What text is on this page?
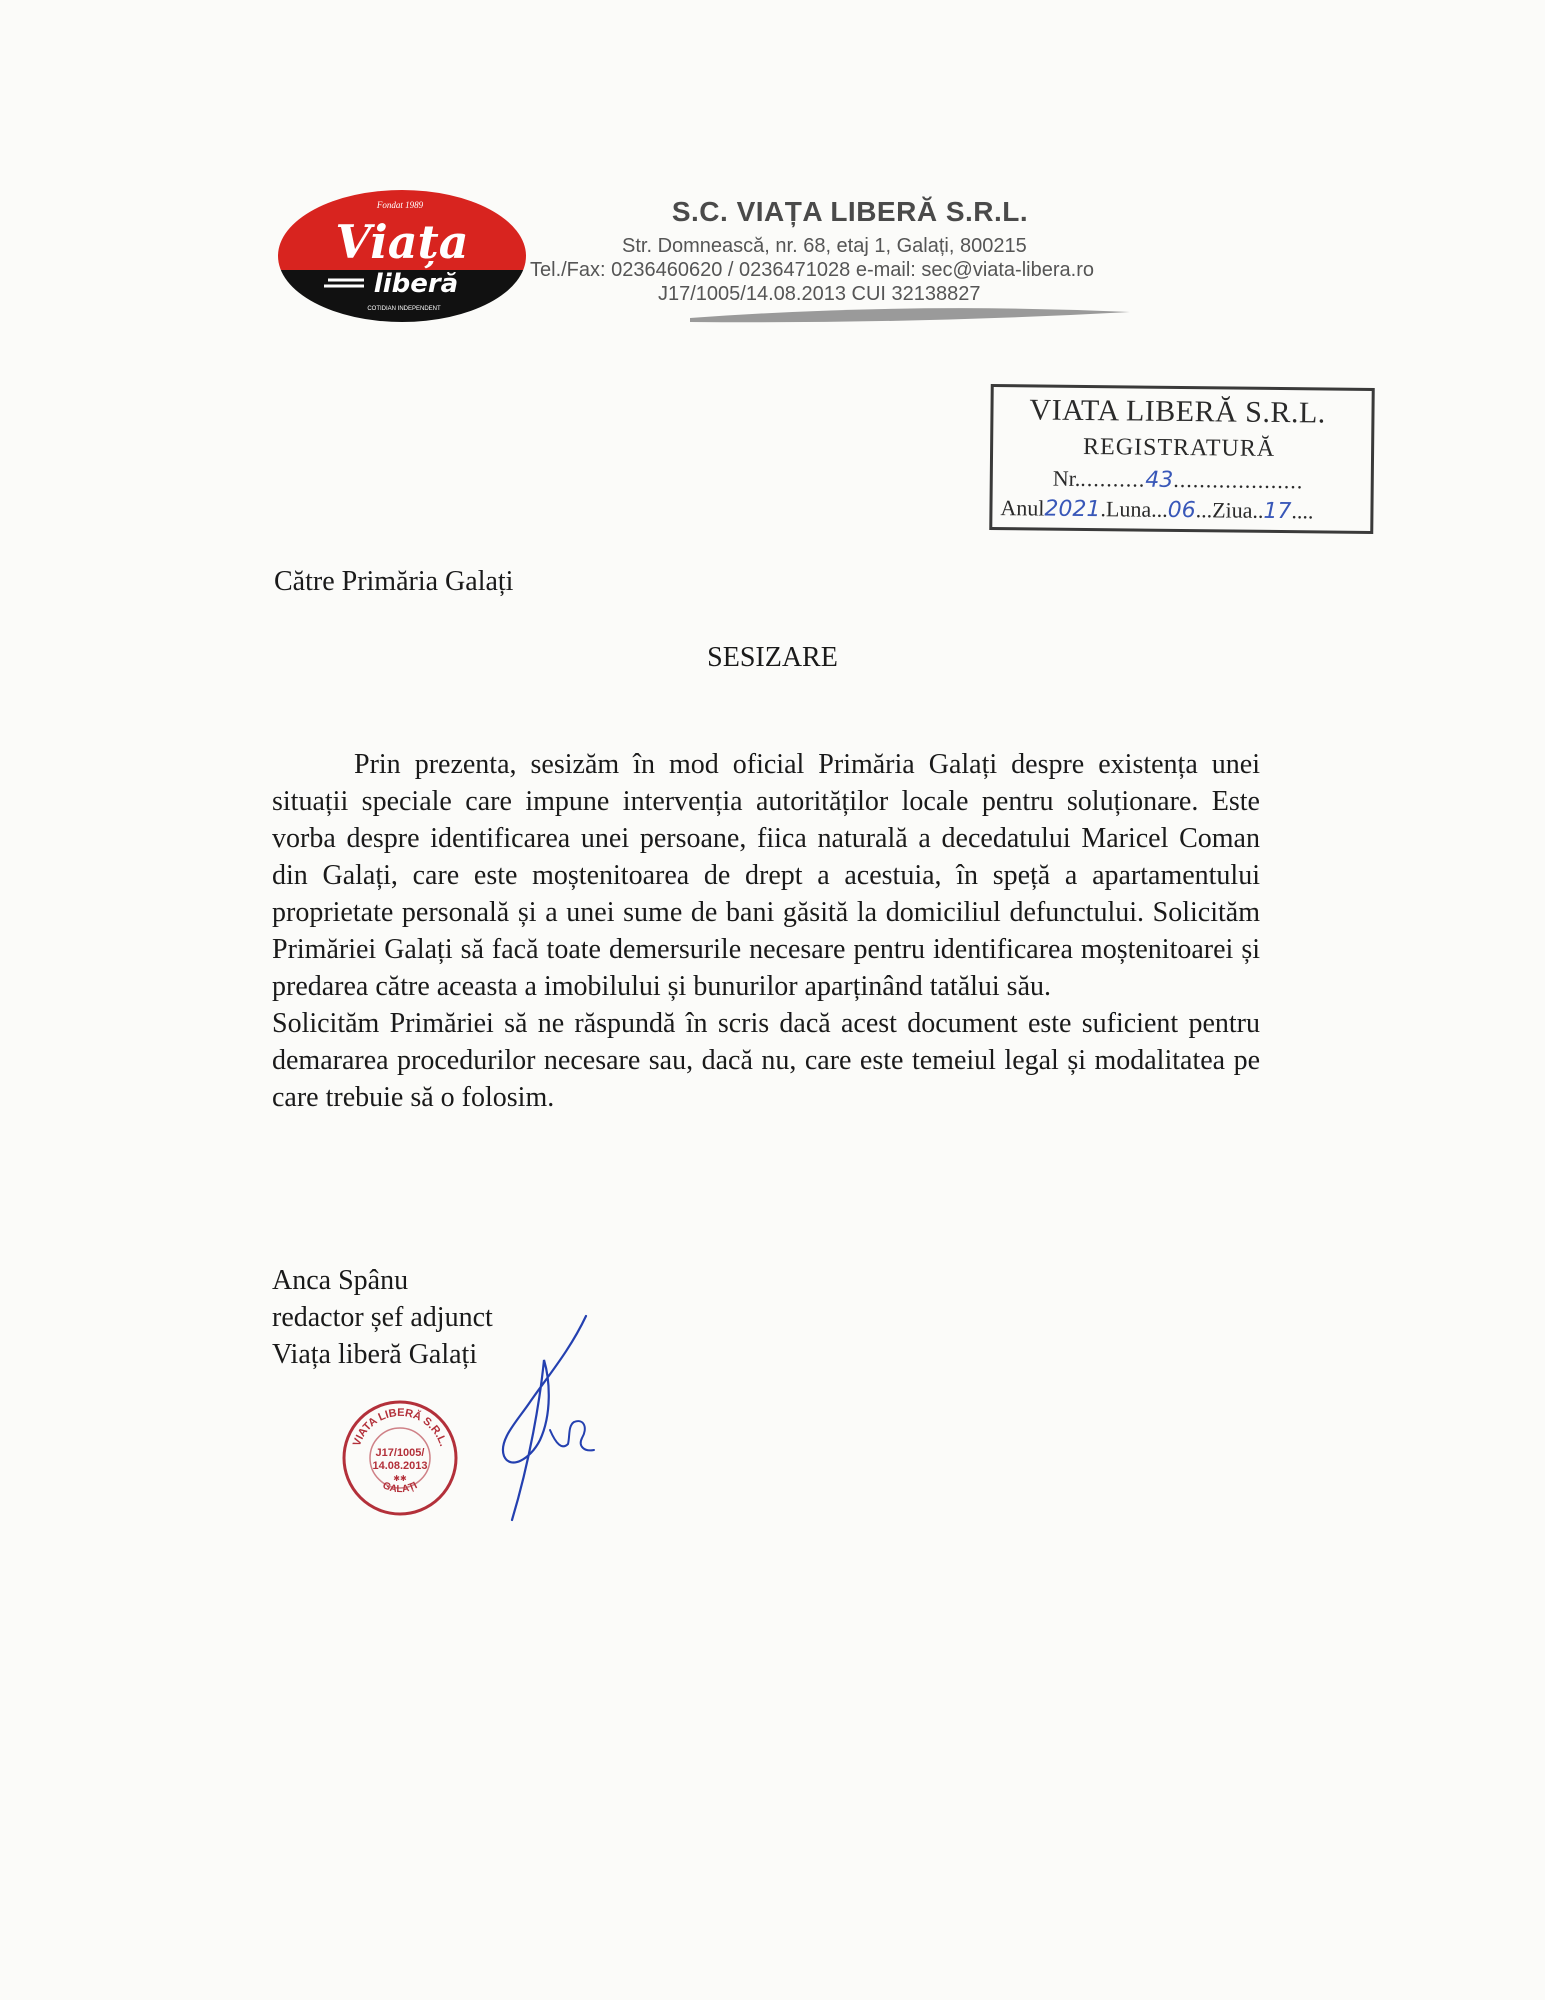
Fondat 1989
Viața
liberă
COTIDIAN INDEPENDENT
S.C. VIAȚA LIBERĂ S.R.L.
Str. Domnească, nr. 68, etaj 1, Galați, 800215
Tel./Fax: 0236460620 / 0236471028 e-mail: sec@viata-libera.ro
J17/1005/14.08.2013 CUI 32138827
VIATA LIBERĂ S.R.L.
REGISTRATURĂ
Nr...........43....................
Anul2021.Luna...06...Ziua..17....
Către Primăria Galați
SESIZARE

Prin prezenta, sesizăm în mod oficial Primăria Galați despre existența unei situații speciale care impune intervenția autorităților locale pentru soluționare. Este vorba despre identificarea unei persoane, fiica naturală a decedatului Maricel Coman din Galați, care este moștenitoarea de drept a acestuia, în speță a apartamentului proprietate personală și a unei sume de bani găsită la domiciliul defunctului. Solicităm Primăriei Galați să facă toate demersurile necesare pentru identificarea moștenitoarei și predarea către aceasta a imobilului și bunurilor aparținând tatălui său.

Solicităm Primăriei să ne răspundă în scris dacă acest document este suficient pentru demararea procedurilor necesare sau, dacă nu, care este temeiul legal și modalitatea pe care trebuie să o folosim.

Anca Spânu
redactor șef adjunct
Viața liberă Galați
VIATA LIBERĂ S.R.L.
J17/1005/
14.08.2013
✱✱
GALAȚI
